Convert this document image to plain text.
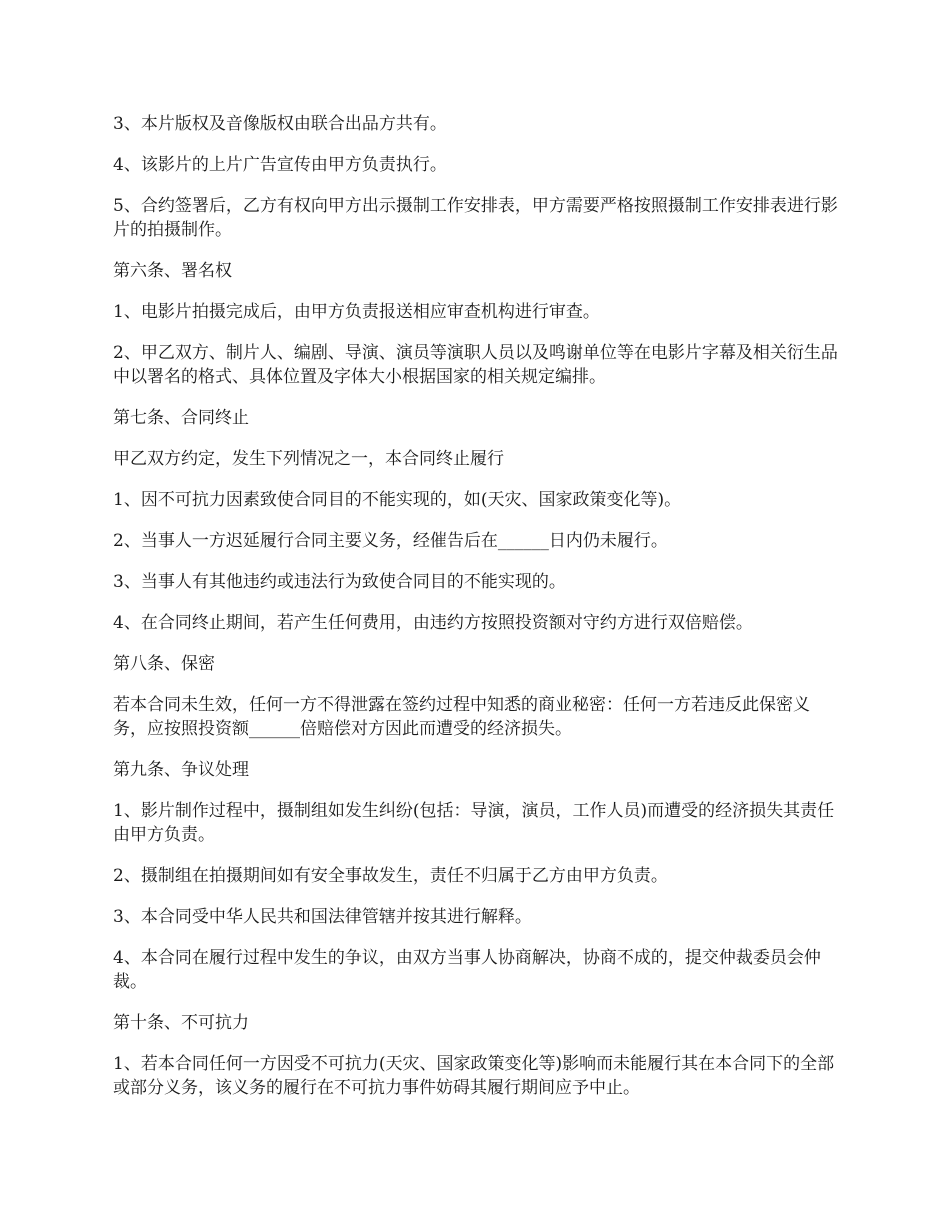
3、本片版权及音像版权由联合出品方共有。

4、该影片的上片广告宣传由甲方负责执行。

5、合约签署后，乙方有权向甲方出示摄制工作安排表，甲方需要严格按照摄制工作安排表进行影片的拍摄制作。

第六条、署名权

1、电影片拍摄完成后，由甲方负责报送相应审查机构进行审查。

2、甲乙双方、制片人、编剧、导演、演员等演职人员以及鸣谢单位等在电影片字幕及相关衍生品中以署名的格式、具体位置及字体大小根据国家的相关规定编排。

第七条、合同终止

甲乙双方约定，发生下列情况之一，本合同终止履行

1、因不可抗力因素致使合同目的不能实现的，如(天灾、国家政策变化等)。

2、当事人一方迟延履行合同主要义务，经催告后在______日内仍未履行。

3、当事人有其他违约或违法行为致使合同目的不能实现的。

4、在合同终止期间，若产生任何费用，由违约方按照投资额对守约方进行双倍赔偿。

第八条、保密

若本合同未生效，任何一方不得泄露在签约过程中知悉的商业秘密：任何一方若违反此保密义务，应按照投资额______倍赔偿对方因此而遭受的经济损失。

第九条、争议处理

1、影片制作过程中，摄制组如发生纠纷(包括：导演，演员，工作人员)而遭受的经济损失其责任由甲方负责。

2、摄制组在拍摄期间如有安全事故发生，责任不归属于乙方由甲方负责。

3、本合同受中华人民共和国法律管辖并按其进行解释。

4、本合同在履行过程中发生的争议，由双方当事人协商解决，协商不成的，提交仲裁委员会仲裁。

第十条、不可抗力

1、若本合同任何一方因受不可抗力(天灾、国家政策变化等)影响而未能履行其在本合同下的全部或部分义务，该义务的履行在不可抗力事件妨碍其履行期间应予中止。
